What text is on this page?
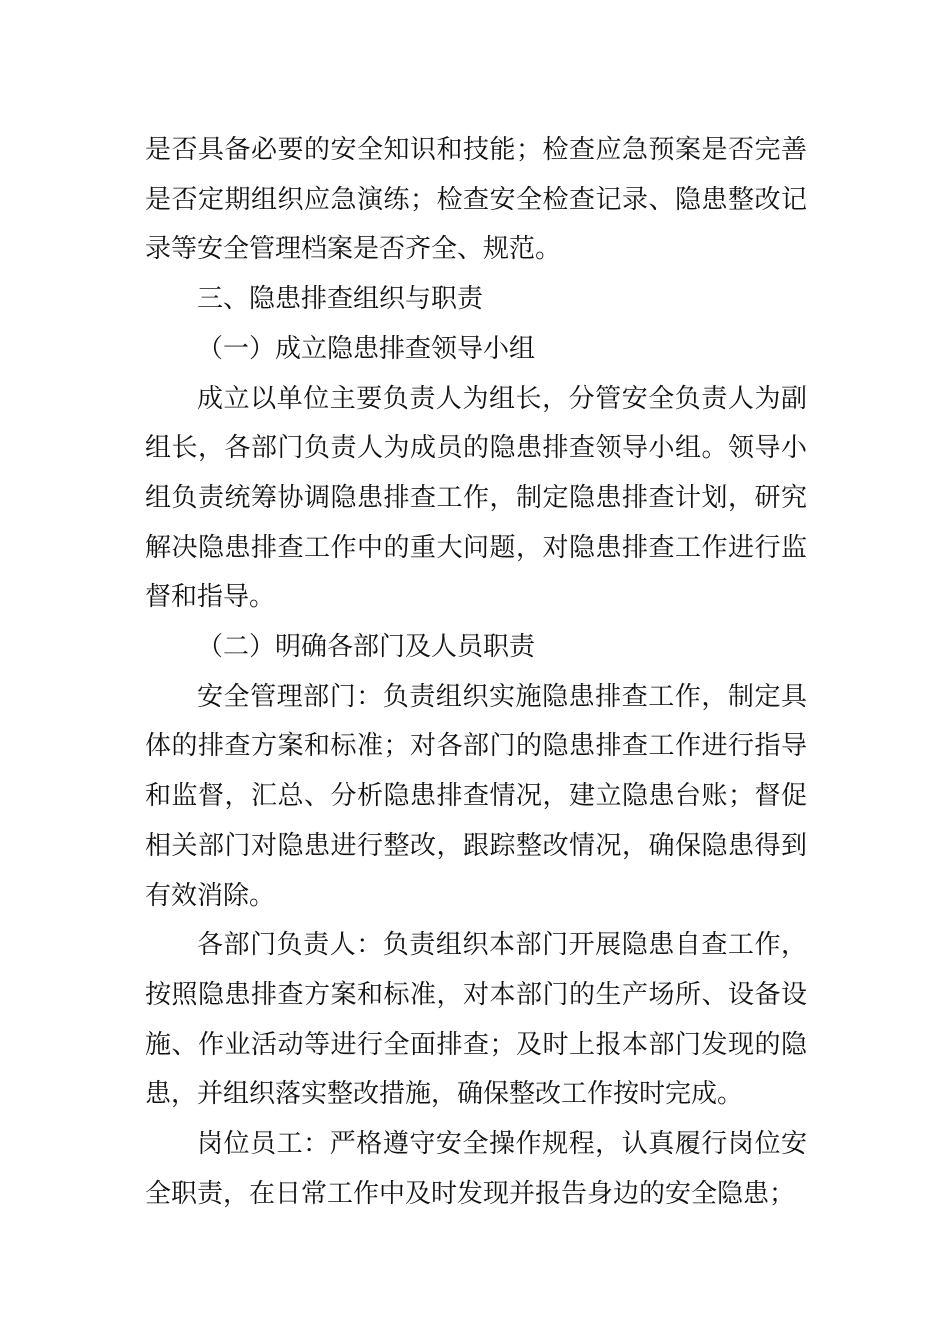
是否具备必要的安全知识和技能；检查应急预案是否完善是否定期组织应急演练；检查安全检查记录、隐患整改记录等安全管理档案是否齐全、规范。

三、隐患排查组织与职责

（一）成立隐患排查领导小组

成立以单位主要负责人为组长，分管安全负责人为副组长，各部门负责人为成员的隐患排查领导小组。领导小组负责统筹协调隐患排查工作，制定隐患排查计划，研究解决隐患排查工作中的重大问题，对隐患排查工作进行监督和指导。

（二）明确各部门及人员职责

安全管理部门：负责组织实施隐患排查工作，制定具体的排查方案和标准；对各部门的隐患排查工作进行指导和监督，汇总、分析隐患排查情况，建立隐患台账；督促相关部门对隐患进行整改，跟踪整改情况，确保隐患得到有效消除。

各部门负责人：负责组织本部门开展隐患自查工作，按照隐患排查方案和标准，对本部门的生产场所、设备设施、作业活动等进行全面排查；及时上报本部门发现的隐患，并组织落实整改措施，确保整改工作按时完成。

岗位员工：严格遵守安全操作规程，认真履行岗位安全职责，在日常工作中及时发现并报告身边的安全隐患；
